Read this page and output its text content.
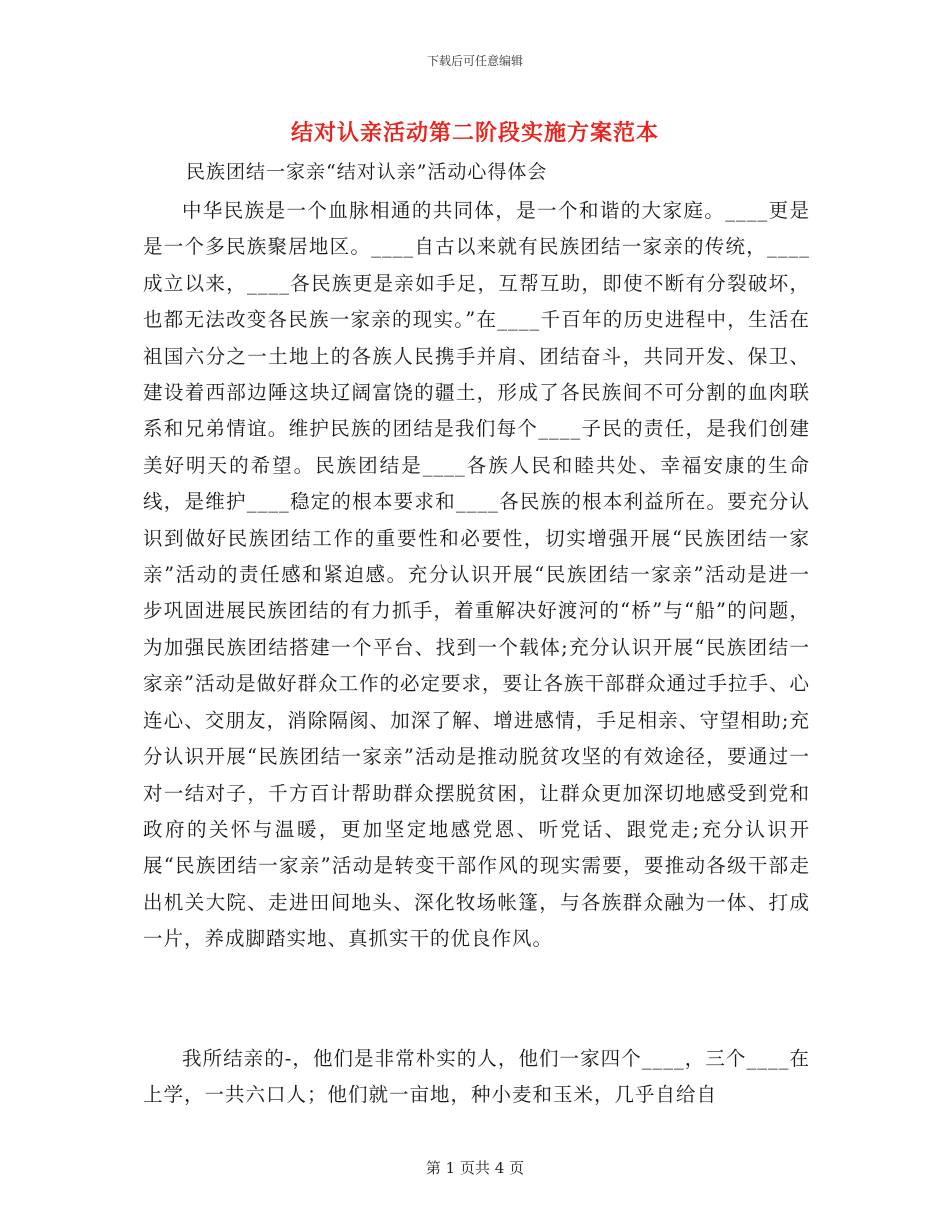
下载后可任意编辑
结对认亲活动第二阶段实施方案范本
民族团结一家亲“结对认亲”活动心得体会

中华民族是一个血脉相通的共同体，是一个和谐的大家庭。____更是是一个多民族聚居地区。____自古以来就有民族团结一家亲的传统，____成立以来，____各民族更是亲如手足，互帮互助，即使不断有分裂破坏，也都无法改变各民族一家亲的现实。”在____千百年的历史进程中，生活在祖国六分之一土地上的各族人民携手并肩、团结奋斗，共同开发、保卫、建设着西部边陲这块辽阔富饶的疆土，形成了各民族间不可分割的血肉联系和兄弟情谊。维护民族的团结是我们每个____子民的责任，是我们创建美好明天的希望。民族团结是____各族人民和睦共处、幸福安康的生命线，是维护____稳定的根本要求和____各民族的根本利益所在。要充分认识到做好民族团结工作的重要性和必要性，切实增强开展“民族团结一家亲”活动的责任感和紧迫感。充分认识开展“民族团结一家亲”活动是进一步巩固进展民族团结的有力抓手，着重解决好渡河的“桥”与“船”的问题，为加强民族团结搭建一个平台、找到一个载体;充分认识开展“民族团结一家亲”活动是做好群众工作的必定要求，要让各族干部群众通过手拉手、心连心、交朋友，消除隔阂、加深了解、增进感情，手足相亲、守望相助;充分认识开展“民族团结一家亲”活动是推动脱贫攻坚的有效途径，要通过一对一结对子，千方百计帮助群众摆脱贫困，让群众更加深切地感受到党和政府的关怀与温暖，更加坚定地感党恩、听党话、跟党走;充分认识开展“民族团结一家亲”活动是转变干部作风的现实需要，要推动各级干部走出机关大院、走进田间地头、深化牧场帐篷，与各族群众融为一体、打成一片，养成脚踏实地、真抓实干的优良作风。

我所结亲的-，他们是非常朴实的人，他们一家四个____，三个____在上学，一共六口人；他们就一亩地，种小麦和玉米，几乎自给自

第 1 页共 4 页
